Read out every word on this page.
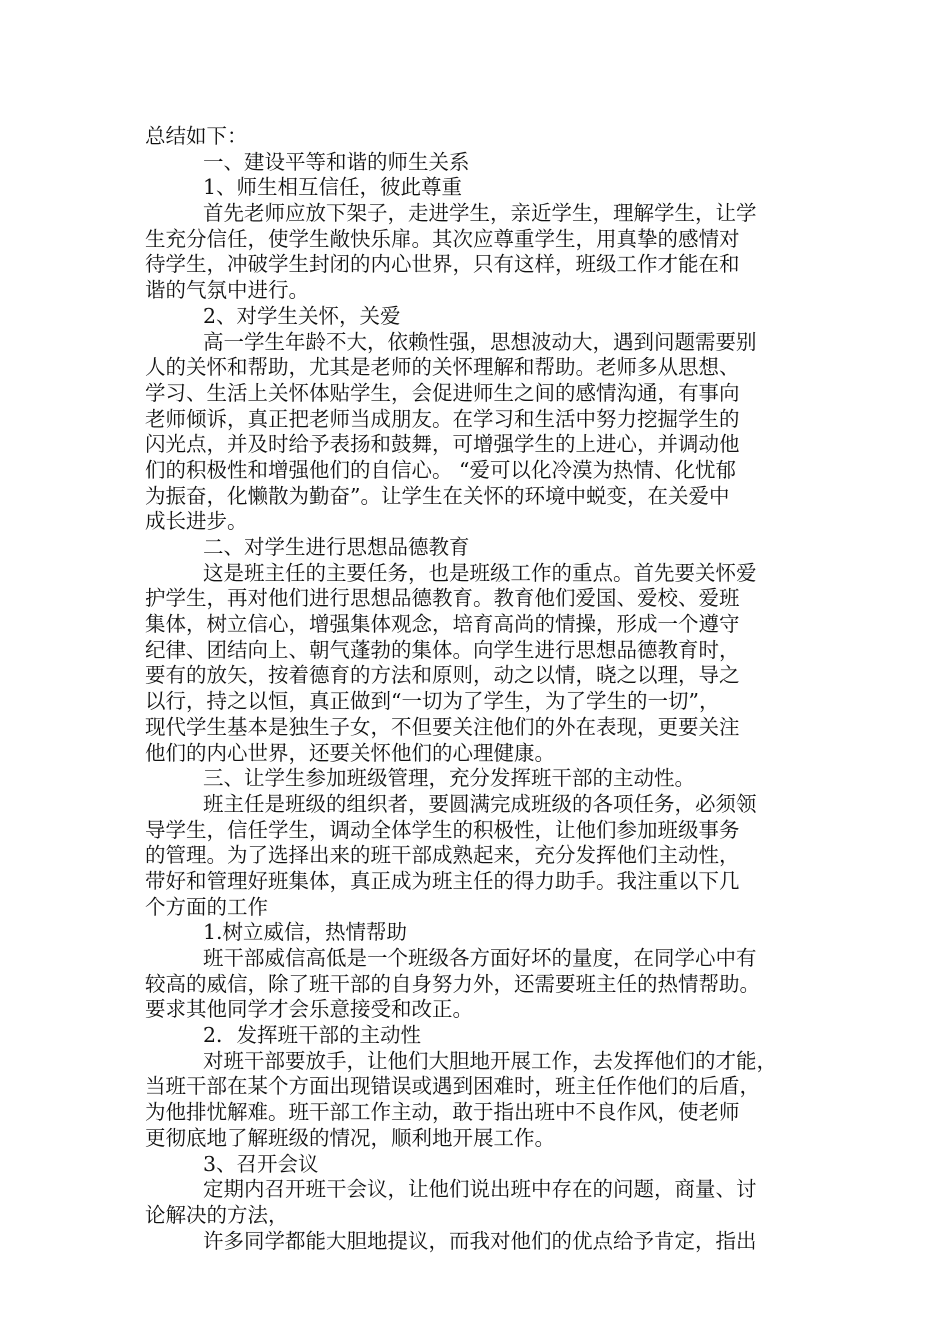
总结如下：
一、建设平等和谐的师生关系
1、师生相互信任，彼此尊重
首先老师应放下架子，走进学生，亲近学生，理解学生，让学
生充分信任，使学生敞快乐扉。其次应尊重学生，用真挚的感情对
待学生，冲破学生封闭的内心世界，只有这样，班级工作才能在和
谐的气氛中进行。
2、对学生关怀，关爱
高一学生年龄不大，依赖性强，思想波动大，遇到问题需要别
人的关怀和帮助，尤其是老师的关怀理解和帮助。老师多从思想、
学习、生活上关怀体贴学生，会促进师生之间的感情沟通，有事向
老师倾诉，真正把老师当成朋友。在学习和生活中努力挖掘学生的
闪光点，并及时给予表扬和鼓舞，可增强学生的上进心，并调动他
们的积极性和增强他们的自信心。 “爱可以化冷漠为热情、化忧郁
为振奋，化懒散为勤奋”。让学生在关怀的环境中蜕变，在关爱中
成长进步。
二、对学生进行思想品德教育
这是班主任的主要任务，也是班级工作的重点。首先要关怀爱
护学生，再对他们进行思想品德教育。教育他们爱国、爱校、爱班
集体，树立信心，增强集体观念，培育高尚的情操，形成一个遵守
纪律、团结向上、朝气蓬勃的集体。向学生进行思想品德教育时，
要有的放矢，按着德育的方法和原则，动之以情，晓之以理，导之
以行，持之以恒，真正做到“一切为了学生，为了学生的一切”，
现代学生基本是独生子女，不但要关注他们的外在表现，更要关注
他们的内心世界，还要关怀他们的心理健康。
三、让学生参加班级管理，充分发挥班干部的主动性。
班主任是班级的组织者，要圆满完成班级的各项任务，必须领
导学生，信任学生，调动全体学生的积极性，让他们参加班级事务
的管理。为了选择出来的班干部成熟起来，充分发挥他们主动性，
带好和管理好班集体，真正成为班主任的得力助手。我注重以下几
个方面的工作
1.树立威信，热情帮助
班干部威信高低是一个班级各方面好坏的量度，在同学心中有
较高的威信，除了班干部的自身努力外，还需要班主任的热情帮助。
要求其他同学才会乐意接受和改正。
2．发挥班干部的主动性
对班干部要放手，让他们大胆地开展工作，去发挥他们的才能，
当班干部在某个方面出现错误或遇到困难时，班主任作他们的后盾，
为他排忧解难。班干部工作主动，敢于指出班中不良作风，使老师
更彻底地了解班级的情况，顺利地开展工作。
3、召开会议
定期内召开班干会议，让他们说出班中存在的问题，商量、讨
论解决的方法，
许多同学都能大胆地提议，而我对他们的优点给予肯定，指出
